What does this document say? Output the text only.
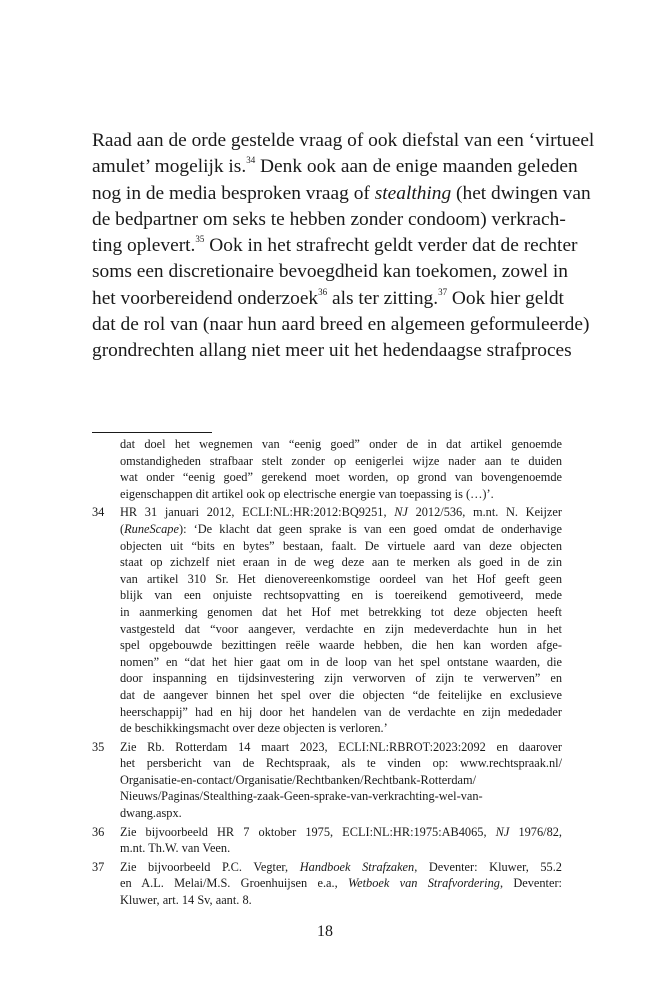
Raad aan de orde gestelde vraag of ook diefstal van een ‘virtueel
amulet’ mogelijk is.$^{34}$ Denk ook aan de enige maanden geleden
nog in de media besproken vraag of stealthing (het dwingen van
de bedpartner om seks te hebben zonder condoom) verkrach-
ting oplevert.$^{35}$ Ook in het strafrecht geldt verder dat de rechter
soms een discretionaire bevoegdheid kan toekomen, zowel in
het voorbereidend onderzoek$^{36}$ als ter zitting.$^{37}$ Ook hier geldt
dat de rol van (naar hun aard breed en algemeen geformuleerde)
grondrechten allang niet meer uit het hedendaagse strafproces
dat doel het wegnemen van “eenig goed” onder de in dat artikel genoemde
omstandigheden strafbaar stelt zonder op eenigerlei wijze nader aan te duiden
wat onder “eenig goed” gerekend moet worden, op grond van bovengenoemde
eigenschappen dit artikel ook op electrische energie van toepassing is (…)’.
34 HR 31 januari 2012, ECLI:NL:HR:2012:BQ9251, NJ 2012/536, m.nt. N. Keijzer
(RuneScape): ‘De klacht dat geen sprake is van een goed omdat de onderhavige
objecten uit “bits en bytes” bestaan, faalt. De virtuele aard van deze objecten
staat op zichzelf niet eraan in de weg deze aan te merken als goed in de zin
van artikel 310 Sr. Het dienovereenkomstige oordeel van het Hof geeft geen
blijk van een onjuiste rechtsopvatting en is toereikend gemotiveerd, mede
in aanmerking genomen dat het Hof met betrekking tot deze objecten heeft
vastgesteld dat “voor aangever, verdachte en zijn medeverdachte hun in het
spel opgebouwde bezittingen reële waarde hebben, die hen kan worden afge-
nomen” en “dat het hier gaat om in de loop van het spel ontstane waarden, die
door inspanning en tijdsinvestering zijn verworven of zijn te verwerven” en
dat de aangever binnen het spel over die objecten “de feitelijke en exclusieve
heerschappij” had en hij door het handelen van de verdachte en zijn mededader
de beschikkingsmacht over deze objecten is verloren.’
35 Zie Rb. Rotterdam 14 maart 2023, ECLI:NL:RBROT:2023:2092 en daarover
het persbericht van de Rechtspraak, als te vinden op: www.rechtspraak.nl/
Organisatie-en-contact/Organisatie/Rechtbanken/Rechtbank-Rotterdam/
Nieuws/Paginas/Stealthing-zaak-Geen-sprake-van-verkrachting-wel-van-
dwang.aspx.
36 Zie bijvoorbeeld HR 7 oktober 1975, ECLI:NL:HR:1975:AB4065, NJ 1976/82,
m.nt. Th.W. van Veen.
37 Zie bijvoorbeeld P.C. Vegter, Handboek Strafzaken, Deventer: Kluwer, 55.2
en A.L. Melai/M.S. Groenhuijsen e.a., Wetboek van Strafvordering, Deventer:
Kluwer, art. 14 Sv, aant. 8.
18
